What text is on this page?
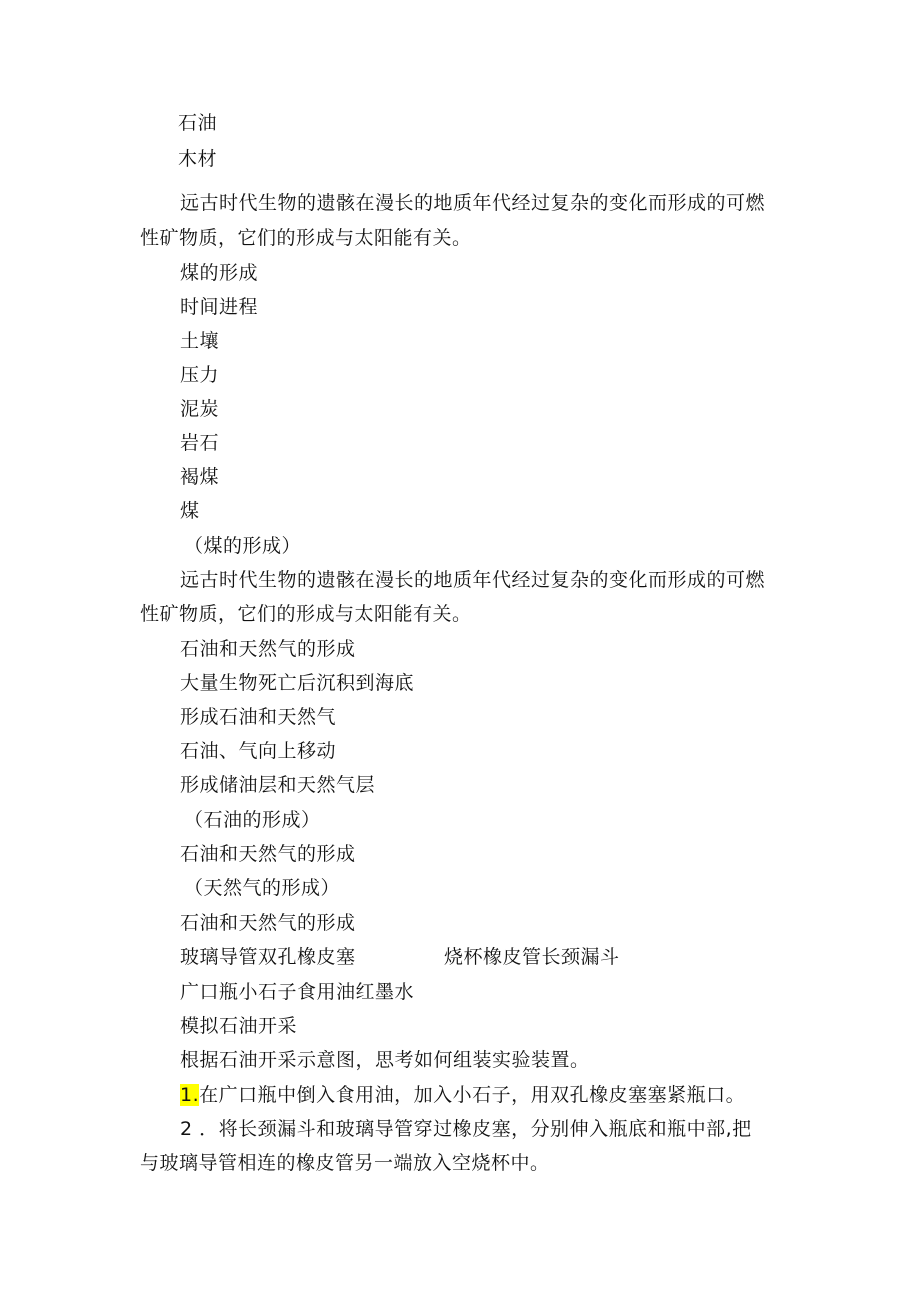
石油
木材
远古时代生物的遗骸在漫长的地质年代经过复杂的变化而形成的可燃
性矿物质，它们的形成与太阳能有关。
煤的形成
时间进程
土壤
压力
泥炭
岩石
褐煤
煤
（煤的形成）
远古时代生物的遗骸在漫长的地质年代经过复杂的变化而形成的可燃
性矿物质，它们的形成与太阳能有关。
石油和天然气的形成
大量生物死亡后沉积到海底
形成石油和天然气
石油、气向上移动
形成储油层和天然气层
（石油的形成）
石油和天然气的形成
（天然气的形成）
石油和天然气的形成
玻璃导管双孔橡皮塞	烧杯橡皮管长颈漏斗
广口瓶小石子食用油红墨水
模拟石油开采
根据石油开采示意图，思考如何组装实验装置。
1.在广口瓶中倒入食用油，加入小石子，用双孔橡皮塞塞紧瓶口。
2 ．将长颈漏斗和玻璃导管穿过橡皮塞，分别伸入瓶底和瓶中部,把
与玻璃导管相连的橡皮管另一端放入空烧杯中。
